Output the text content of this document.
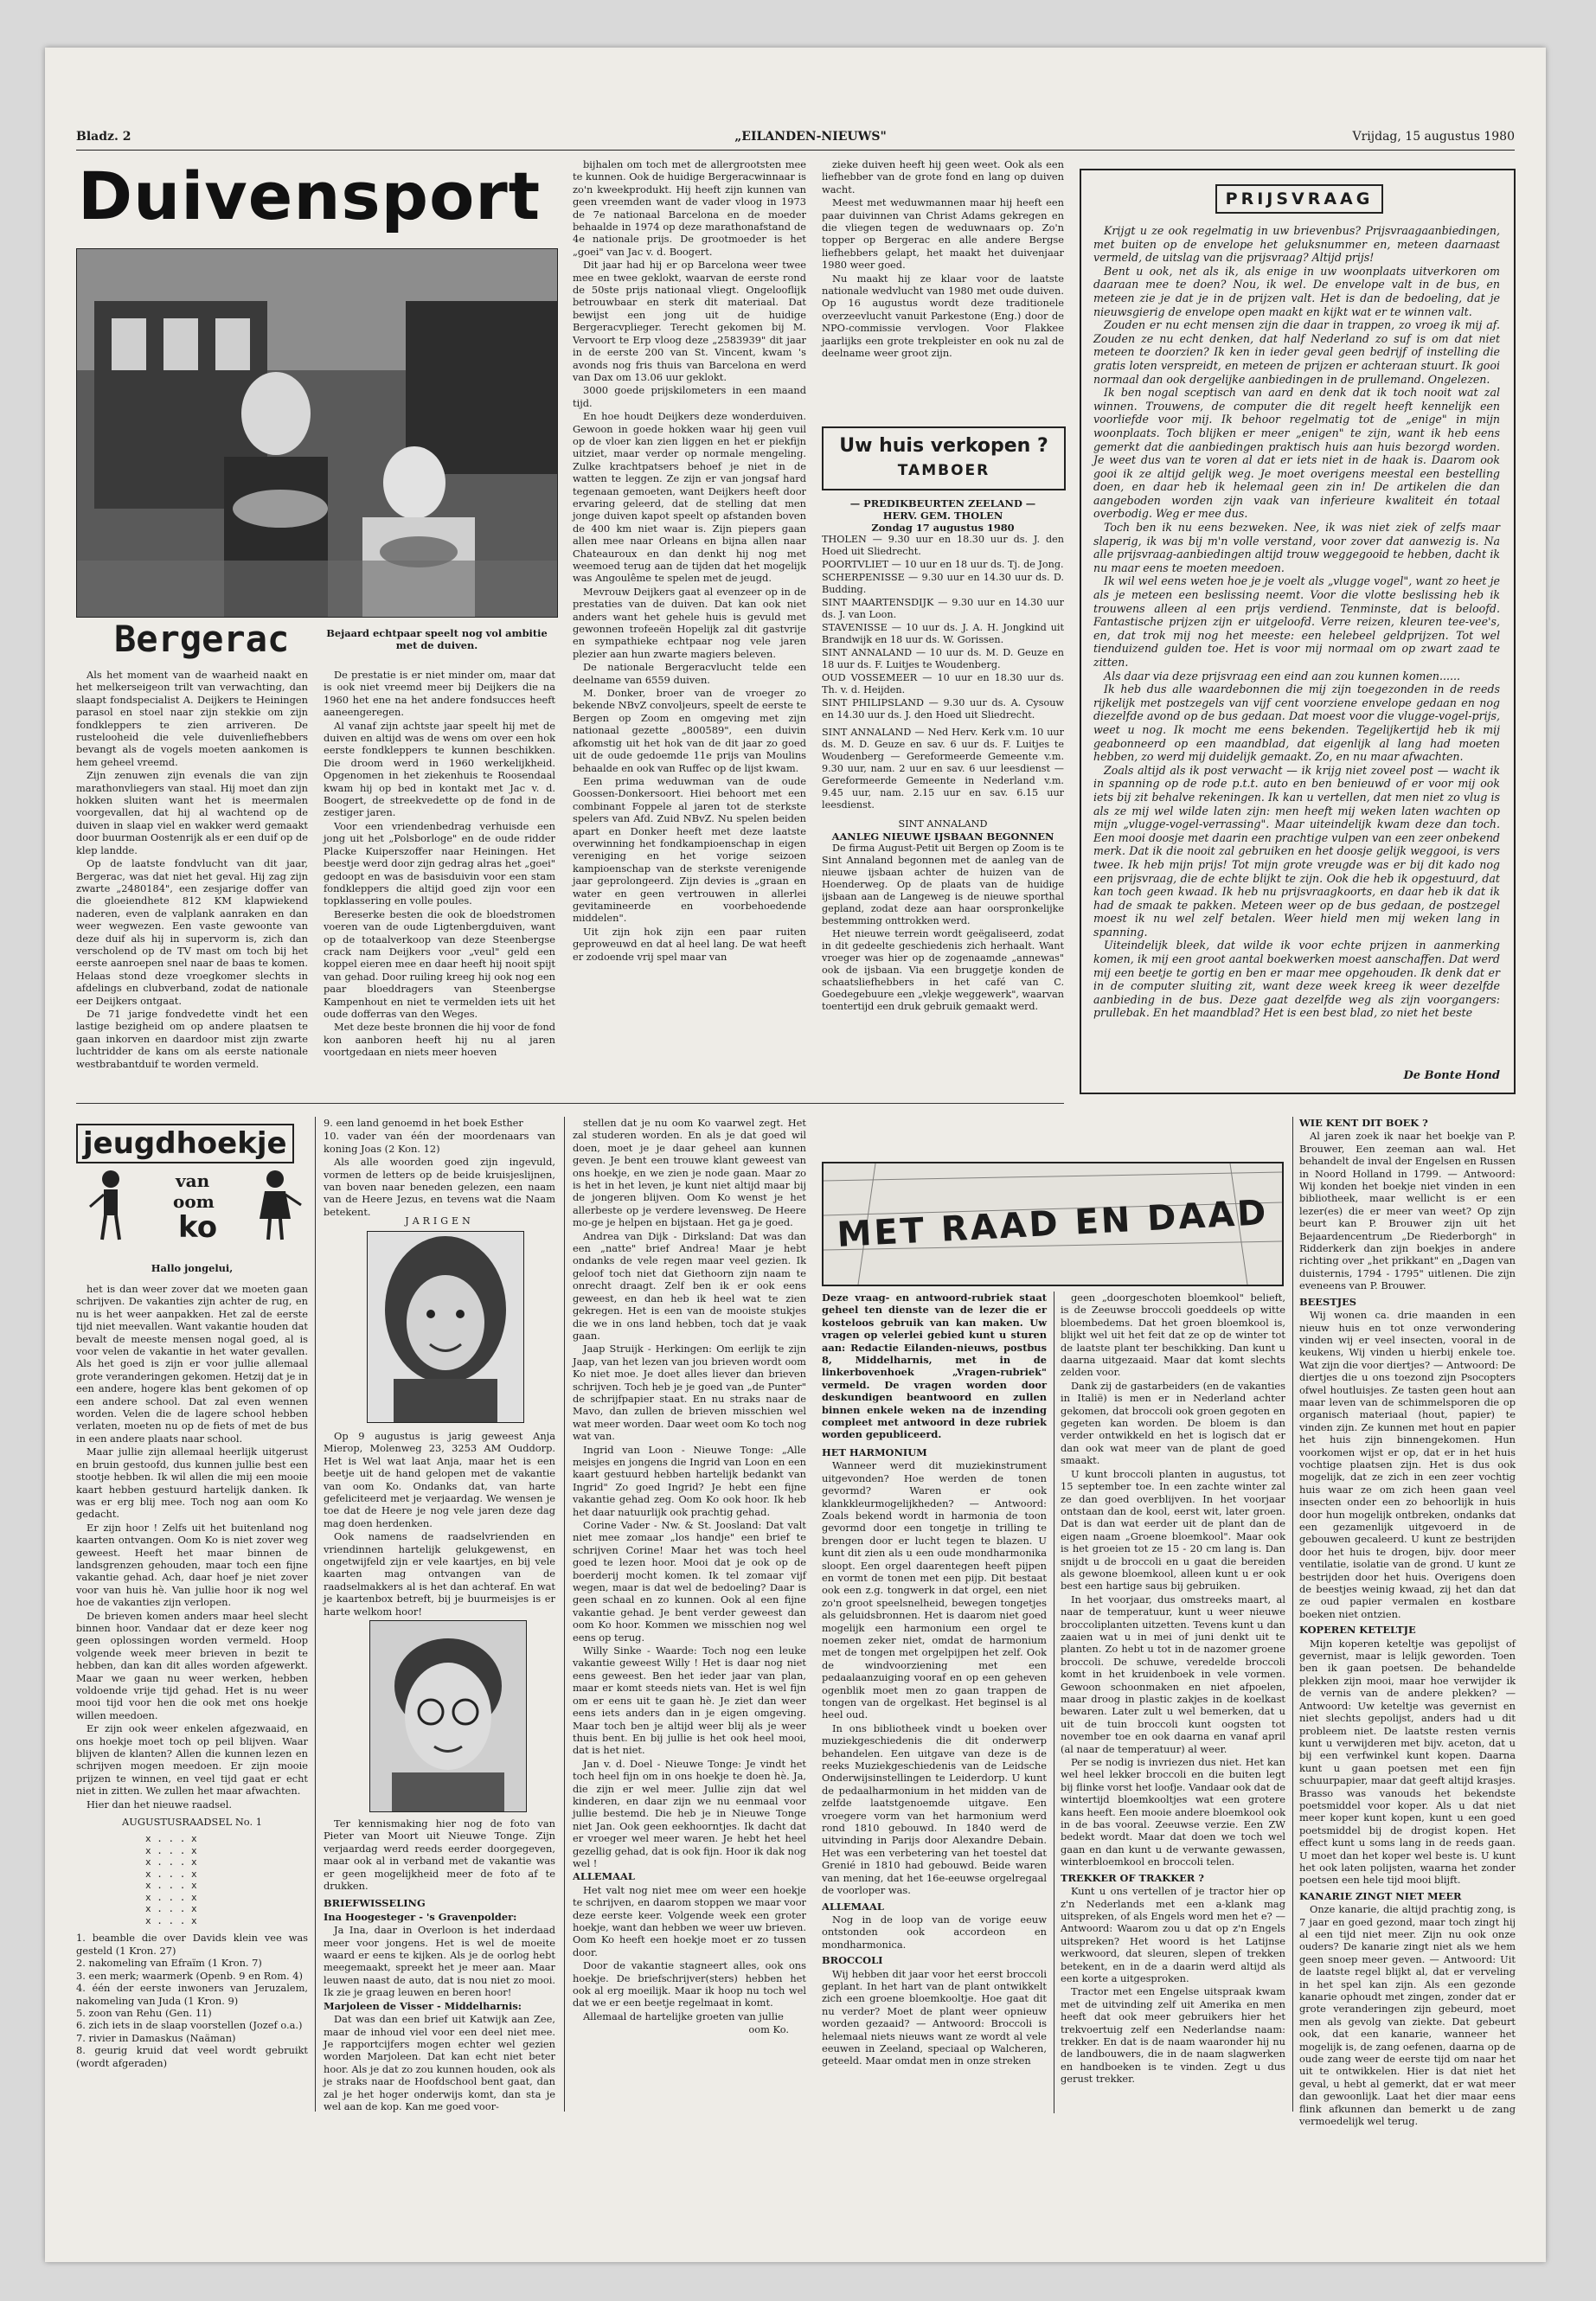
Bladz. 2	„EILANDEN-NIEUWS"	Vrijdag, 15 augustus 1980
Duivensport
Bergerac	Bejaard echtpaar speelt nog vol ambitie met de duiven.

Als het moment van de waarheid naakt en het melkerseigeon trilt van verwachting, dan slaapt fondspecialist A. Deijkers te Heiningen parasol en stoel naar zijn stekkie om zijn fondkleppers te zien arriveren. De rustelooheid die vele duivenliefhebbers bevangt als de vogels moeten aankomen is hem geheel vreemd.

Zijn zenuwen zijn evenals die van zijn marathonvliegers van staal. Hij moet dan zijn hokken sluiten want het is meermalen voorgevallen, dat hij al wachtend op de duiven in slaap viel en wakker werd gemaakt door buurman Oostenrijk als er een duif op de klep landde.

Op de laatste fondvlucht van dit jaar, Bergerac, was dat niet het geval. Hij zag zijn zwarte „2480184", een zesjarige doffer van die gloeiendhete 812 KM klapwiekend naderen, even de valplank aanraken en dan weer wegwezen. Een vaste gewoonte van deze duif als hij in supervorm is, zich dan verscholend op de TV mast om toch bij het eerste aanroepen snel naar de baas te komen. Helaas stond deze vroegkomer slechts in afdelings en clubverband, zodat de nationale eer Deijkers ontgaat.

De 71 jarige fondvedette vindt het een lastige bezigheid om op andere plaatsen te gaan inkorven en daardoor mist zijn zwarte luchtridder de kans om als eerste nationale westbrabantduif te worden vermeld.

De prestatie is er niet minder om, maar dat is ook niet vreemd meer bij Deijkers die na 1960 het ene na het andere fondsucces heeft aaneengeregen.

Al vanaf zijn achtste jaar speelt hij met de duiven en altijd was de wens om over een hok eerste fondkleppers te kunnen beschikken. Die droom werd in 1960 werkelijkheid. Opgenomen in het ziekenhuis te Roosendaal kwam hij op bed in kontakt met Jac v. d. Boogert, de streekvedette op de fond in de zestiger jaren.

Voor een vriendenbedrag verhuisde een jong uit het „Polsborloge" en de oude ridder Placke Kuiperszoffer naar Heiningen. Het beestje werd door zijn gedrag alras het „goei" gedoopt en was de basisduivin voor een stam fondkleppers die altijd goed zijn voor een topklassering en volle poules.

Bereserke besten die ook de bloedstromen voeren van de oude Ligtenbergduiven, want op de totaalverkoop van deze Steenbergse crack nam Deijkers voor „veul" geld een koppel eieren mee en daar heeft hij nooit spijt van gehad. Door ruiling kreeg hij ook nog een paar bloeddragers van Steenbergse Kampenhout en niet te vermelden iets uit het oude dofferras van den Weges.

Met deze beste bronnen die hij voor de fond kon aanboren heeft hij nu al jaren voortgedaan en niets meer hoeven

bijhalen om toch met de allergrootsten mee te kunnen. Ook de huidige Bergeracwinnaar is zo'n kweekprodukt. Hij heeft zijn kunnen van geen vreemden want de vader vloog in 1973 de 7e nationaal Barcelona en de moeder behaalde in 1974 op deze marathonafstand de 4e nationale prijs. De grootmoeder is het „goei" van Jac v. d. Boogert.

Dit jaar had hij er op Barcelona weer twee mee en twee geklokt, waarvan de eerste rond de 50ste prijs nationaal vliegt. Ongelooflijk betrouwbaar en sterk dit materiaal. Dat bewijst een jong uit de huidige Bergeracvplieger. Terecht gekomen bij M. Vervoort te Erp vloog deze „2583939" dit jaar in de eerste 200 van St. Vincent, kwam 's avonds nog fris thuis van Barcelona en werd van Dax om 13.06 uur geklokt.

3000 goede prijskilometers in een maand tijd.

En hoe houdt Deijkers deze wonderduiven. Gewoon in goede hokken waar hij geen vuil op de vloer kan zien liggen en het er piekfijn uitziet, maar verder op normale mengeling. Zulke krachtpatsers behoef je niet in de watten te leggen. Ze zijn er van jongsaf hard tegenaan gemoeten, want Deijkers heeft door ervaring geleerd, dat de stelling dat men jonge duiven kapot speelt op afstanden boven de 400 km niet waar is. Zijn piepers gaan allen mee naar Orleans en bijna allen naar Chateauroux en dan denkt hij nog met weemoed terug aan de tijden dat het mogelijk was Angoulême te spelen met de jeugd.

Mevrouw Deijkers gaat al evenzeer op in de prestaties van de duiven. Dat kan ook niet anders want het gehele huis is gevuld met gewonnen trofeeën Hopelijk zal dit gastvrije en sympathieke echtpaar nog vele jaren plezier aan hun zwarte magiers beleven.

De nationale Bergeracvlucht telde een deelname van 6559 duiven.

M. Donker, broer van de vroeger zo bekende NBvZ convoljeurs, speelt de eerste te Bergen op Zoom en omgeving met zijn nationaal gezette „800589", een duivin afkomstig uit het hok van de dit jaar zo goed uit de oude gedoemde 11e prijs van Moulins behaalde en ook van Ruffec op de lijst kwam.

Een prima weduwman van de oude Goossen-Donkersoort. Hiei behoort met een combinant Foppele al jaren tot de sterkste spelers van Afd. Zuid NBvZ. Nu spelen beiden apart en Donker heeft met deze laatste overwinning het fondkampioenschap in eigen vereniging en het vorige seizoen kampioenschap van de sterkste verenigende jaar geprolongeerd. Zijn devies is „graan en water en geen vertrouwen in allerlei gevitamineerde en voorbehoedende middelen".

Uit zijn hok zijn een paar ruiten geproweuwd en dat al heel lang. De wat heeft er zodoende vrij spel maar van

zieke duiven heeft hij geen weet. Ook als een liefhebber van de grote fond en lang op duiven wacht.

Meest met weduwmannen maar hij heeft een paar duivinnen van Christ Adams gekregen en die vliegen tegen de weduwnaars op. Zo'n topper op Bergerac en alle andere Bergse liefhebbers gelapt, het maakt het duivenjaar 1980 weer goed.

Nu maakt hij ze klaar voor de laatste nationale wedvlucht van 1980 met oude duiven. Op 16 augustus wordt deze traditionele overzeevlucht vanuit Parkestone (Eng.) door de NPO-commissie vervlogen. Voor Flakkee jaarlijks een grote trekpleister en ook nu zal de deelname weer groot zijn.

Uw huis verkopen ?
TAMBOER
— PREDIKBEURTEN ZEELAND —
HERV. GEM. THOLEN
Zondag 17 augustus 1980

THOLEN — 9.30 uur en 18.30 uur ds. J. den Hoed uit Sliedrecht.

POORTVLIET — 10 uur en 18 uur ds. Tj. de Jong.

SCHERPENISSE — 9.30 uur en 14.30 uur ds. D. Budding.

SINT MAARTENSDIJK — 9.30 uur en 14.30 uur ds. J. van Loon.

STAVENISSE — 10 uur ds. J. A. H. Jongkind uit Brandwijk en 18 uur ds. W. Gorissen.

SINT ANNALAND — 10 uur ds. M. D. Geuze en 18 uur ds. F. Luitjes te Woudenberg.

OUD VOSSEMEER — 10 uur en 18.30 uur ds. Th. v. d. Heijden.

SINT PHILIPSLAND — 9.30 uur ds. A. Cysouw en 14.30 uur ds. J. den Hoed uit Sliedrecht.

SINT ANNALAND — Ned Herv. Kerk v.m. 10 uur ds. M. D. Geuze en sav. 6 uur ds. F. Luitjes te Woudenberg — Gereformeerde Gemeente v.m. 9.30 uur, nam. 2 uur en sav. 6 uur leesdienst — Gereformeerde Gemeente in Nederland v.m. 9.45 uur, nam. 2.15 uur en sav. 6.15 uur leesdienst.

SINT ANNALAND
AANLEG NIEUWE IJSBAAN BEGONNEN

De firma August-Petit uit Bergen op Zoom is te Sint Annaland begonnen met de aanleg van de nieuwe ijsbaan achter de huizen van de Hoenderweg. Op de plaats van de huidige ijsbaan aan de Langeweg is de nieuwe sporthal gepland, zodat deze aan haar oorspronkelijke bestemming onttrokken werd.

Het nieuwe terrein wordt geëgaliseerd, zodat in dit gedeelte geschiedenis zich herhaalt. Want vroeger was hier op de zogenaamde „annewas" ook de ijsbaan. Via een bruggetje konden de schaatsliefhebbers in het café van C. Goedegebuure een „vlekje weggewerk", waarvan toentertijd een druk gebruik gemaakt werd.

PRIJSVRAAG

Krijgt u ze ook regelmatig in uw brievenbus? Prijsvraagaanbiedingen, met buiten op de envelope het geluksnummer en, meteen daarnaast vermeld, de uitslag van die prijsvraag? Altijd prijs!

Bent u ook, net als ik, als enige in uw woonplaats uitverkoren om daaraan mee te doen? Nou, ik wel. De envelope valt in de bus, en meteen zie je dat je in de prijzen valt. Het is dan de bedoeling, dat je nieuwsgierig de envelope open maakt en kijkt wat er te winnen valt.

Zouden er nu echt mensen zijn die daar in trappen, zo vroeg ik mij af. Zouden ze nu echt denken, dat half Nederland zo suf is om dat niet meteen te doorzien? Ik ken in ieder geval geen bedrijf of instelling die gratis loten verspreidt, en meteen de prijzen er achteraan stuurt. Ik gooi normaal dan ook dergelijke aanbiedingen in de prullemand. Ongelezen.

Ik ben nogal sceptisch van aard en denk dat ik toch nooit wat zal winnen. Trouwens, de computer die dit regelt heeft kennelijk een voorliefde voor mij. Ik behoor regelmatig tot de „enige" in mijn woonplaats. Toch blijken er meer „enigen" te zijn, want ik heb eens gemerkt dat die aanbiedingen praktisch huis aan huis bezorgd worden. Je weet dus van te voren al dat er iets niet in de haak is. Daarom ook gooi ik ze altijd gelijk weg. Je moet overigens meestal een bestelling doen, en daar heb ik helemaal geen zin in! De artikelen die dan aangeboden worden zijn vaak van inferieure kwaliteit én totaal overbodig. Weg er mee dus.

Toch ben ik nu eens bezweken. Nee, ik was niet ziek of zelfs maar slaperig, ik was bij m'n volle verstand, voor zover dat aanwezig is. Na alle prijsvraag-aanbiedingen altijd trouw weggegooid te hebben, dacht ik nu maar eens te moeten meedoen.

Ik wil wel eens weten hoe je je voelt als „vlugge vogel", want zo heet je als je meteen een beslissing neemt. Voor die vlotte beslissing heb ik trouwens alleen al een prijs verdiend. Tenminste, dat is beloofd. Fantastische prijzen zijn er uitgeloofd. Verre reizen, kleuren tee-vee's, en, dat trok mij nog het meeste: een helebeel geldprijzen. Tot wel tienduizend gulden toe. Het is voor mij normaal om op zwart zaad te zitten.

Als daar via deze prijsvraag een eind aan zou kunnen komen......

Ik heb dus alle waardebonnen die mij zijn toegezonden in de reeds rijkelijk met postzegels van vijf cent voorziene envelope gedaan en nog diezelfde avond op de bus gedaan. Dat moest voor die vlugge-vogel-prijs, weet u nog. Ik mocht me eens bekenden. Tegelijkertijd heb ik mij geabonneerd op een maandblad, dat eigenlijk al lang had moeten hebben, zo werd mij duidelijk gemaakt. Zo, en nu maar afwachten.

Zoals altijd als ik post verwacht — ik krijg niet zoveel post — wacht ik in spanning op de rode p.t.t. auto en ben benieuwd of er voor mij ook iets bij zit behalve rekeningen. Ik kan u vertellen, dat men niet zo vlug is als ze mij wel wilde laten zijn: men heeft mij weken laten wachten op mijn „vlugge-vogel-verrassing". Maar uiteindelijk kwam deze dan toch. Een mooi doosje met daarin een prachtige vulpen van een zeer onbekend merk. Dat ik die nooit zal gebruiken en het doosje gelijk weggooi, is vers twee. Ik heb mijn prijs! Tot mijn grote vreugde was er bij dit kado nog een prijsvraag, die de echte blijkt te zijn. Ook die heb ik opgestuurd, dat kan toch geen kwaad. Ik heb nu prijsvraagkoorts, en daar heb ik dat ik had de smaak te pakken. Meteen weer op de bus gedaan, de postzegel moest ik nu wel zelf betalen. Weer hield men mij weken lang in spanning.

Uiteindelijk bleek, dat wilde ik voor echte prijzen in aanmerking komen, ik mij een groot aantal boekwerken moest aanschaffen. Dat werd mij een beetje te gortig en ben er maar mee opgehouden. Ik denk dat er in de computer sluiting zit, want deze week kreeg ik weer dezelfde aanbieding in de bus. Deze gaat dezelfde weg als zijn voorgangers: prullebak. En het maandblad? Het is een best blad, zo niet het beste

De Bonte Hond
jeugdhoekje
van
oom
ko
Hallo jongelui,

het is dan weer zover dat we moeten gaan schrijven. De vakanties zijn achter de rug, en nu is het weer aanpakken. Het zal de eerste tijd niet meevallen. Want vakantie houden dat bevalt de meeste mensen nogal goed, al is voor velen de vakantie in het water gevallen. Als het goed is zijn er voor jullie allemaal grote veranderingen gekomen. Hetzij dat je in een andere, hogere klas bent gekomen of op een andere school. Dat zal even wennen worden. Velen die de lagere school hebben verlaten, moeten nu op de fiets of met de bus in een andere plaats naar school.

Maar jullie zijn allemaal heerlijk uitgerust en bruin gestoofd, dus kunnen jullie best een stootje hebben. Ik wil allen die mij een mooie kaart hebben gestuurd hartelijk danken. Ik was er erg blij mee. Toch nog aan oom Ko gedacht.

Er zijn hoor ! Zelfs uit het buitenland nog kaarten ontvangen. Oom Ko is niet zover weg geweest. Heeft het maar binnen de landsgrenzen gehouden, maar toch een fijne vakantie gehad. Ach, daar hoef je niet zover voor van huis hè. Van jullie hoor ik nog wel hoe de vakanties zijn verlopen.

De brieven komen anders maar heel slecht binnen hoor. Vandaar dat er deze keer nog geen oplossingen worden vermeld. Hoop volgende week meer brieven in bezit te hebben, dan kan dit alles worden afgewerkt. Maar we gaan nu weer werken, hebben voldoende vrije tijd gehad. Het is nu weer mooi tijd voor hen die ook met ons hoekje willen meedoen.

Er zijn ook weer enkelen afgezwaaid, en ons hoekje moet toch op peil blijven. Waar blijven de klanten? Allen die kunnen lezen en schrijven mogen meedoen. Er zijn mooie prijzen te winnen, en veel tijd gaat er echt niet in zitten. We zullen het maar afwachten.

Hier dan het nieuwe raadsel.

AUGUSTUSRAADSEL No. 1
x . . . x
x . . . x
x . . . x
x . . . x
x . . . x
x . . . x
x . . . x
x . . . x
1. beamble die over Davids klein vee was gesteld (1 Kron. 27)
2. nakomeling van Efraïm (1 Kron. 7)
3. een merk; waarmerk (Openb. 9 en Rom. 4)
4. één der eerste inwoners van Jeruzalem, nakomeling van Juda (1 Kron. 9)
5. zoon van Rehu (Gen. 11)
6. zich iets in de slaap voorstellen (Jozef o.a.)
7. rivier in Damaskus (Naäman)
8. geurig kruid dat veel wordt gebruikt (wordt afgeraden)

9. een land genoemd in het boek Esther

10. vader van één der moordenaars van koning Joas (2 Kon. 12)

Als alle woorden goed zijn ingevuld, vormen de letters op de beide kruisjeslijnen, van boven naar beneden gelezen, een naam van de Heere Jezus, en tevens wat die Naam betekent.

JARIGEN

Op 9 augustus is jarig geweest Anja Mierop, Molenweg 23, 3253 AM Ouddorp. Het is Wel wat laat Anja, maar het is een beetje uit de hand gelopen met de vakantie van oom Ko. Ondanks dat, van harte gefeliciteerd met je verjaardag. We wensen je toe dat de Heere je nog vele jaren deze dag mag doen herdenken.

Ook namens de raadselvrienden en vriendinnen hartelijk gelukgewenst, en ongetwijfeld zijn er vele kaartjes, en bij vele kaarten mag ontvangen van de raadselmakkers al is het dan achteraf. En wat je kaartenbox betreft, bij je buurmeisjes is er harte welkom hoor!

Ter kennismaking hier nog de foto van Pieter van Moort uit Nieuwe Tonge. Zijn verjaardag werd reeds eerder doorgegeven, maar ook al in verband met de vakantie was er geen mogelijkheid meer de foto af te drukken.

BRIEFWISSELING

Ina Hoogesteger - 's Gravenpolder:

Ja Ina, daar in Overloon is het inderdaad meer voor jongens. Het is wel de moeite waard er eens te kijken. Als je de oorlog hebt meegemaakt, spreekt het je meer aan. Maar leuwen naast de auto, dat is nou niet zo mooi. Ik zie je graag leuwen en beren hoor!

Marjoleen de Visser - Middelharnis:

Dat was dan een brief uit Katwijk aan Zee, maar de inhoud viel voor een deel niet mee. Je rapportcijfers mogen echter wel gezien worden Marjoleen. Dat kan echt niet beter hoor. Als je dat zo zou kunnen houden, ook als je straks naar de Hoofdschool bent gaat, dan zal je het hoger onderwijs komt, dan sta je wel aan de kop. Kan me goed voor-

stellen dat je nu oom Ko vaarwel zegt. Het zal studeren worden. En als je dat goed wil doen, moet je je daar geheel aan kunnen geven. Je bent een trouwe klant geweest van ons hoekje, en we zien je node gaan. Maar zo is het in het leven, je kunt niet altijd maar bij de jongeren blijven. Oom Ko wenst je het allerbeste op je verdere levensweg. De Heere mo-ge je helpen en bijstaan. Het ga je goed.

Andrea van Dijk - Dirksland: Dat was dan een „natte" brief Andrea! Maar je hebt ondanks de vele regen maar veel gezien. Ik geloof toch niet dat Giethoorn zijn naam te onrecht draagt. Zelf ben ik er ook eens geweest, en dan heb ik heel wat te zien gekregen. Het is een van de mooiste stukjes die we in ons land hebben, toch dat je vaak gaan.

Jaap Struijk - Herkingen: Om eerlijk te zijn Jaap, van het lezen van jou brieven wordt oom Ko niet moe. Je doet alles liever dan brieven schrijven. Toch heb je je goed van „de Punter" de schrijfpapier staat. En nu straks naar de Mavo, dan zullen de brieven misschien wel wat meer worden. Daar weet oom Ko toch nog wat van.

Ingrid van Loon - Nieuwe Tonge: „Alle meisjes en jongens die Ingrid van Loon en een kaart gestuurd hebben hartelijk bedankt van Ingrid" Zo goed Ingrid? Je hebt een fijne vakantie gehad zeg. Oom Ko ook hoor. Ik heb het daar natuurlijk ook prachtig gehad.

Corine Vader - Nw. & St. Joosland: Dat valt niet mee zomaar „los handje" een brief te schrijven Corine! Maar het was toch heel goed te lezen hoor. Mooi dat je ook op de boerderij mocht komen. Ik tel zomaar vijf wegen, maar is dat wel de bedoeling? Daar is geen schaal en zo kunnen. Ook al een fijne vakantie gehad. Je bent verder geweest dan oom Ko hoor. Kommen we misschien nog wel eens op terug.

Willy Sinke - Waarde: Toch nog een leuke vakantie geweest Willy ! Het is daar nog niet eens geweest. Ben het ieder jaar van plan, maar er komt steeds niets van. Het is wel fijn om er eens uit te gaan hè. Je ziet dan weer eens iets anders dan in je eigen omgeving. Maar toch ben je altijd weer blij als je weer thuis bent. En bij jullie is het ook heel mooi, dat is het niet.

Jan v. d. Doel - Nieuwe Tonge: Je vindt het toch heel fijn om in ons hoekje te doen hè. Ja, die zijn er wel meer. Jullie zijn dat wel kinderen, en daar zijn we nu eenmaal voor jullie bestemd. Die heb je in Nieuwe Tonge niet Jan. Ook geen eekhoorntjes. Ik dacht dat er vroeger wel meer waren. Je hebt het heel gezellig gehad, dat is ook fijn. Hoor ik dak nog wel !

ALLEMAAL

Het valt nog niet mee om weer een hoekje te schrijven, en daarom stoppen we maar voor deze eerste keer. Volgende week een groter hoekje, want dan hebben we weer uw brieven. Oom Ko heeft een hoekje moet er zo tussen door.

Door de vakantie stagneert alles, ook ons hoekje. De briefschrijver(sters) hebben het ook al erg moeilijk. Maar ik hoop nu toch wel dat we er een beetje regelmaat in komt.

Allemaal de hartelijke groeten van jullie

oom Ko.

MET RAAD EN DAAD

Deze vraag- en antwoord-rubriek staat geheel ten dienste van de lezer die er kosteloos gebruik van kan maken. Uw vragen op velerlei gebied kunt u sturen aan: Redactie Eilanden-nieuws, postbus 8, Middelharnis, met in de linkerbovenhoek „Vragen-rubriek" vermeld. De vragen worden door deskundigen beantwoord en zullen binnen enkele weken na de inzending compleet met antwoord in deze rubriek worden gepubliceerd.

HET HARMONIUM

Wanneer werd dit muziekinstrument uitgevonden? Hoe werden de tonen gevormd? Waren er ook klankkleurmogelijkheden? — Antwoord: Zoals bekend wordt in harmonia de toon gevormd door een tongetje in trilling te brengen door er lucht tegen te blazen. U kunt dit zien als u een oude mondharmonika sloopt. Een orgel daarentegen heeft pijpen en vormt de tonen met een pijp. Dit bestaat ook een z.g. tongwerk in dat orgel, een niet zo'n groot speelsnelheid, bewegen tongetjes als geluidsbronnen. Het is daarom niet goed mogelijk een harmonium een orgel te noemen zeker niet, omdat de harmonium met de tongen met orgelpijpen het zelf. Ook de windvoorziening met een pedaalaanzuiging vooraf en op een geheven ogenblik moet men zo gaan trappen de tongen van de orgelkast. Het beginsel is al heel oud.

In ons bibliotheek vindt u boeken over muziekgeschiedenis die dit onderwerp behandelen. Een uitgave van deze is de reeks Muziekgeschiedenis van de Leidsche Onderwijsinstellingen te Leiderdorp. U kunt de pedaalharmonium in het midden van de zelfde laatstgenoemde uitgave. Een vroegere vorm van het harmonium werd rond 1810 gebouwd. In 1840 werd de uitvinding in Parijs door Alexandre Debain. Het was een verbetering van het toestel dat Grenié in 1810 had gebouwd. Beide waren van mening, dat het 16e-eeuwse orgelregaal de voorloper was.

ALLEMAAL

Nog in de loop van de vorige eeuw ontstonden ook accordeon en mondharmonica.

BROCCOLI

Wij hebben dit jaar voor het eerst broccoli geplant. In het hart van de plant ontwikkelt zich een groene bloemkooltje. Hoe gaat dit nu verder? Moet de plant weer opnieuw worden gezaaid? — Antwoord: Broccoli is helemaal niets nieuws want ze wordt al vele eeuwen in Zeeland, speciaal op Walcheren, geteeld. Maar omdat men in onze streken

geen „doorgeschoten bloemkool" belieft, is de Zeeuwse broccoli goeddeels op witte bloembedems. Dat het groen bloemkool is, blijkt wel uit het feit dat ze op de winter tot de laatste plant ter beschikking. Dan kunt u daarna uitgezaaid. Maar dat komt slechts zelden voor.

Dank zij de gastarbeiders (en de vakanties in Italië) is men er in Nederland achter gekomen, dat broccoli ook groen gegoten en gegeten kan worden. De bloem is dan verder ontwikkeld en het is logisch dat er dan ook wat meer van de plant de goed smaakt.

U kunt broccoli planten in augustus, tot 15 september toe. In een zachte winter zal ze dan goed overblijven. In het voorjaar ontstaan dan de kool, eerst wit, later groen. Dat is dan wat eerder uit de plant dan de eigen naam „Groene bloemkool". Maar ook is het groeien tot ze 15 - 20 cm lang is. Dan snijdt u de broccoli en u gaat die bereiden als gewone bloemkool, alleen kunt u er ook best een hartige saus bij gebruiken.

In het voorjaar, dus omstreeks maart, al naar de temperatuur, kunt u weer nieuwe broccoliplanten uitzetten. Tevens kunt u dan zaaien wat u in mei of juni denkt uit te planten. Zo hebt u tot in de nazomer groene broccoli. De schuwe, veredelde broccoli komt in het kruidenboek in vele vormen. Gewoon schoonmaken en niet afpoelen, maar droog in plastic zakjes in de koelkast bewaren. Later zult u wel bemerken, dat u uit de tuin broccoli kunt oogsten tot november toe en ook daarna en vanaf april (al naar de temperatuur) al weer.

Per se nodig is invriezen dus niet. Het kan wel heel lekker broccoli en die buiten legt bij flinke vorst het loofje. Vandaar ook dat de wintertijd bloemkooltjes wat een grotere kans heeft. Een mooie andere bloemkool ook in de bas vooral. Zeeuwse verzie. Een ZW bedekt wordt. Maar dat doen we toch wel gaan en dan kunt u de verwante gewassen, winterbloemkool en broccoli telen.

TREKKER OF TRAKKER ?

Kunt u ons vertellen of je tractor hier op z'n Nederlands met een a-klank mag uitspreken, of als Engels word men het e? — Antwoord: Waarom zou u dat op z'n Engels uitspreken? Het woord is het Latijnse werkwoord, dat sleuren, slepen of trekken betekent, en in de a daarin werd altijd als een korte a uitgesproken.

Tractor met een Engelse uitspraak kwam met de uitvinding zelf uit Amerika en men heeft dat ook meer gebruikers hier het trekvoertuig zelf een Nederlandse naam: trekker. En dat is de naam waaronder hij nu de landbouwers, die in de naam slagwerken en handboeken is te vinden. Zegt u dus gerust trekker.

WIE KENT DIT BOEK ?

Al jaren zoek ik naar het boekje van P. Brouwer, Een zeeman aan wal. Het behandelt de inval der Engelsen en Russen in Noord Holland in 1799. — Antwoord: Wij konden het boekje niet vinden in een bibliotheek, maar wellicht is er een lezer(es) die er meer van weet? Op zijn beurt kan P. Brouwer zijn uit het Bejaardencentrum „De Riederborgh" in Ridderkerk dan zijn boekjes in andere richting over „het prikkant" en „Dagen van duisternis, 1794 - 1795" uitlenen. Die zijn eveneens van P. Brouwer.

BEESTJES

Wij wonen ca. drie maanden in een nieuw huis en tot onze verwondering vinden wij er veel insecten, vooral in de keukens, Wij vinden u hierbij enkele toe. Wat zijn die voor diertjes? — Antwoord: De diertjes die u ons toezond zijn Psocopters ofwel houtluisjes. Ze tasten geen hout aan maar leven van de schimmelsporen die op organisch materiaal (hout, papier) te vinden zijn. Ze kunnen met hout en papier het huis zijn binnengekomen. Hun voorkomen wijst er op, dat er in het huis vochtige plaatsen zijn. Het is dus ook mogelijk, dat ze zich in een zeer vochtig huis waar ze om zich heen gaan veel insecten onder een zo behoorlijk in huis door hun mogelijk ontbreken, ondanks dat een gezamenlijk uitgevoerd in de gebouwen gecaleerd. U kunt ze bestrijden door het huis te drogen, bijv. door meer ventilatie, isolatie van de grond. U kunt ze bestrijden door het huis. Overigens doen de beestjes weinig kwaad, zij het dan dat ze oud papier vermalen en kostbare boeken niet ontzien.

KOPEREN KETELTJE

Mijn koperen keteltje was gepolijst of gevernist, maar is lelijk geworden. Toen ben ik gaan poetsen. De behandelde plekken zijn mooi, maar hoe verwijder ik de vernis van de andere plekken? — Antwoord: Uw keteltje was gevernist en niet slechts gepolijst, anders had u dit probleem niet. De laatste resten vernis kunt u verwijderen met bijv. aceton, dat u bij een verfwinkel kunt kopen. Daarna kunt u gaan poetsen met een fijn schuurpapier, maar dat geeft altijd krasjes. Brasso was vanouds het bekendste poetsmiddel voor koper. Als u dat niet meer koper kunt kopen, kunt u een goed poetsmiddel bij de drogist kopen. Het effect kunt u soms lang in de reeds gaan. U moet dan het koper wel beste is. U kunt het ook laten polijsten, waarna het zonder poetsen een hele tijd mooi blijft.

KANARIE ZINGT NIET MEER

Onze kanarie, die altijd prachtig zong, is 7 jaar en goed gezond, maar toch zingt hij al een tijd niet meer. Zijn nu ook onze ouders? De kanarie zingt niet als we hem geen snoep meer geven. — Antwoord: Uit de laatste regel blijkt al, dat er verveling in het spel kan zijn. Als een gezonde kanarie ophoudt met zingen, zonder dat er grote veranderingen zijn gebeurd, moet men als gevolg van ziekte. Dat gebeurt ook, dat een kanarie, wanneer het mogelijk is, de zang oefenen, daarna op de oude zang weer de eerste tijd om naar het uit te ontwikkelen. Hier is dat niet het geval, u hebt al gemerkt, dat er wat meer dan gewoonlijk. Laat het dier maar eens flink afkunnen dan bemerkt u de zang vermoedelijk wel terug.
